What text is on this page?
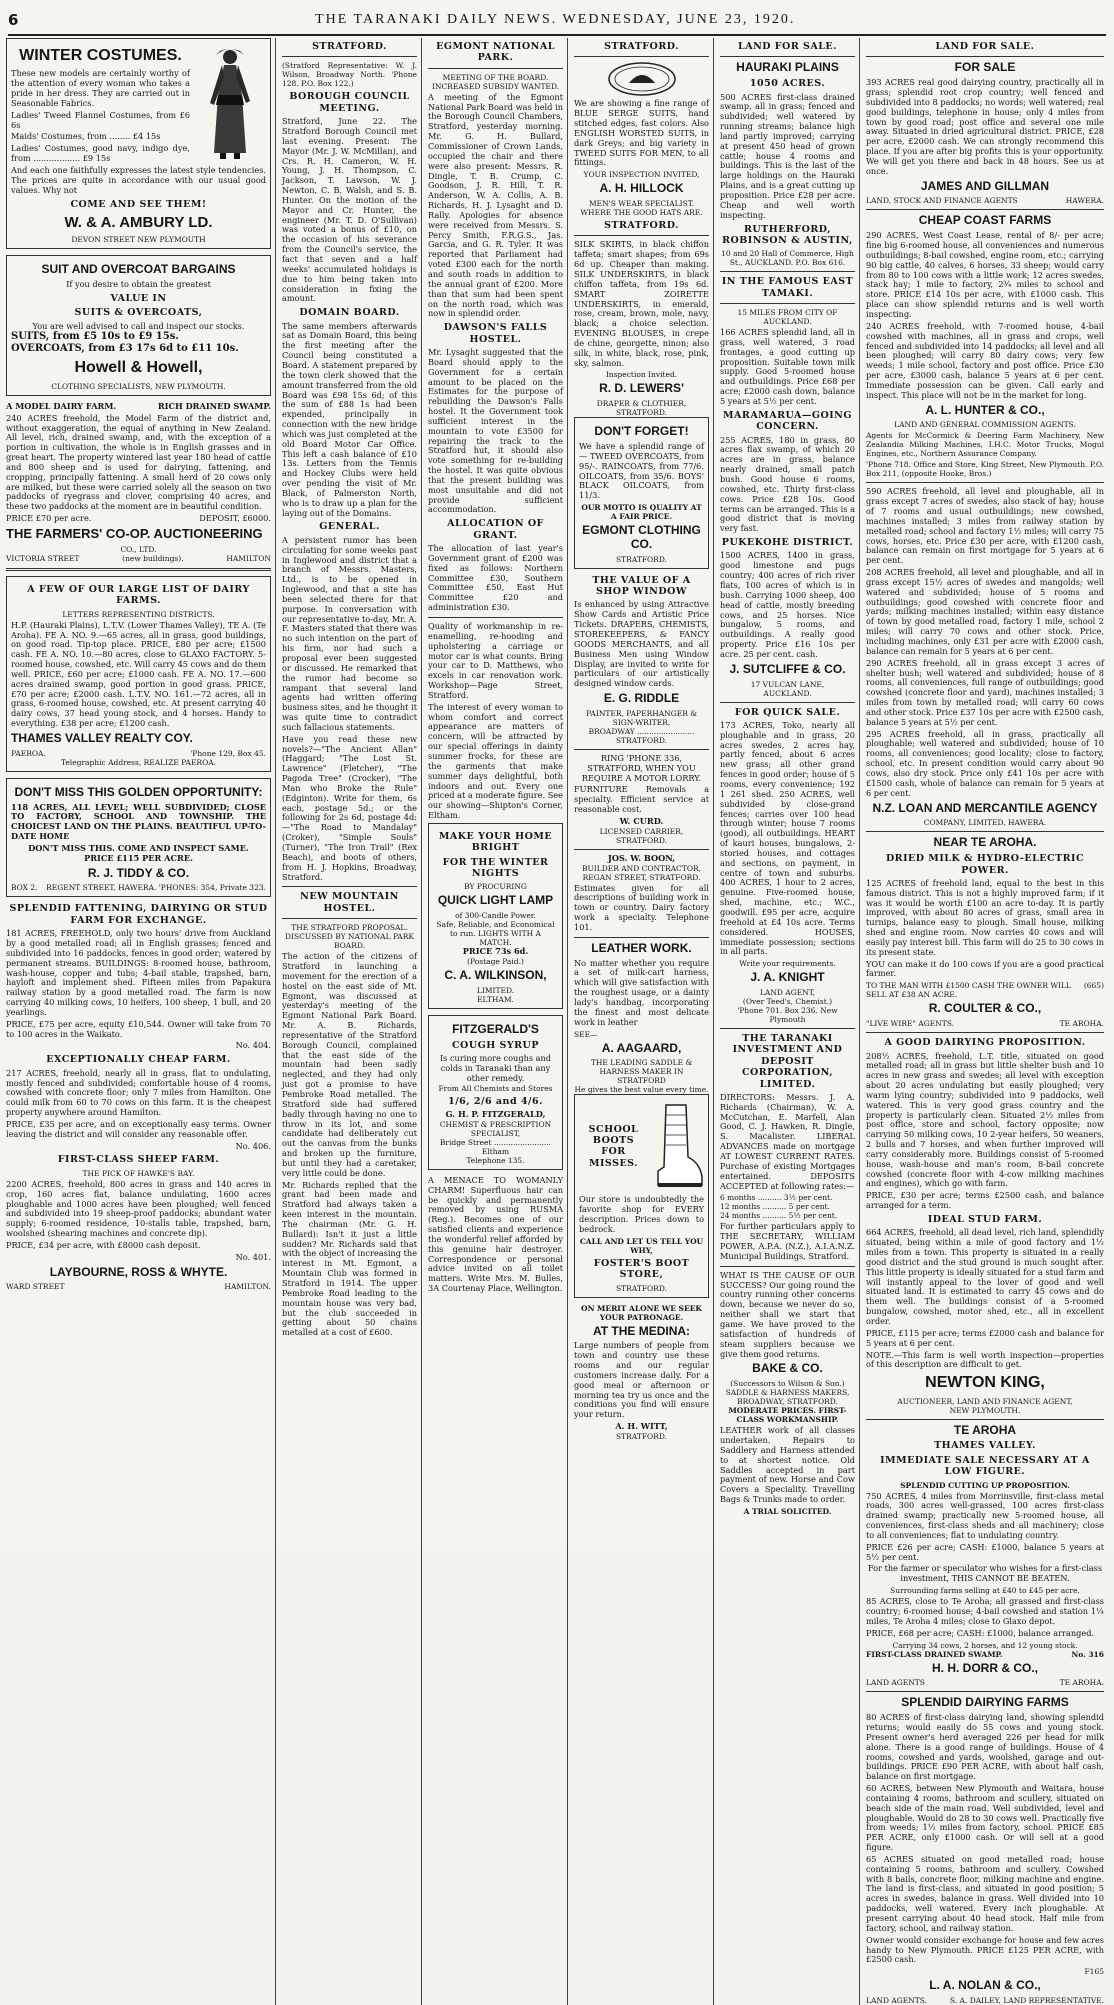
6	THE TARANAKI DAILY NEWS. WEDNESDAY, JUNE 23, 1920.
WINTER COSTUMES.

These new models are certainly worthy of the attention of every woman who takes a pride in her dress. They are carried out in Seasonable Fabrics.

Ladies' Tweed Flannel Costumes, from £6 6s

Maids' Costumes, from ........ £4 15s

Ladies' Costumes, good navy, indigo dye, from .................. £9 15s

And each one faithfully expresses the latest style tendencies. The prices are quite in accordance with our usual good values. Why not

COME AND SEE THEM!
W. & A. AMBURY LD.
DEVON STREET NEW PLYMOUTH
SUIT AND OVERCOAT BARGAINS
If you desire to obtain the greatest
VALUE IN
SUITS & OVERCOATS,
You are well advised to call and inspect our stocks.
SUITS, from £5 10s to £9 15s.
OVERCOATS, from £3 17s 6d to £11 10s.
Howell & Howell,
CLOTHING SPECIALISTS, NEW PLYMOUTH.
A MODEL DAIRY FARM.	RICH DRAINED SWAMP.

240 ACRES freehold, the Model Farm of the district and, without exaggeration, the equal of anything in New Zealand. All level, rich, drained swamp, and, with the exception of a portion in cultivation, the whole is in English grasses and in great heart. The property wintered last year 180 head of cattle and 800 sheep and is used for dairying, fattening, and cropping, principally fattening. A small herd of 20 cows only are milked, but these were carried solely all the season on two paddocks of ryegrass and clover, comprising 40 acres, and these two paddocks at the moment are in beautiful condition.

PRICE £70 per acre.	DEPOSIT, £6000.
THE FARMERS' CO-OP. AUCTIONEERING
CO., LTD.
VICTORIA STREET	(new buildings).	HAMILTON
A FEW OF OUR LARGE LIST OF DAIRY FARMS.
LETTERS REPRESENTING DISTRICTS.

H.P. (Hauraki Plains), L.T.V. (Lower Thames Valley), TE A. (Te Aroha). FE A. NO. 9.—65 acres, all in grass, good buildings, on good road. Tip-top place. PRICE, £80 per acre; £1500 cash. FE A. NO. 10.—80 acres, close to GLAXO FACTORY. 5-roomed house, cowshed, etc. Will carry 45 cows and do them well. PRICE, £60 per acre; £1000 cash. FE A. NO. 17.—600 acres drained swamp, good portion in good grass. PRICE, £70 per acre; £2000 cash. L.T.V. NO. 161.—72 acres, all in grass, 6-roomed house, cowshed, etc. At present carrying 40 dairy cows, 37 head young stock, and 4 horses. Handy to everything. £38 per acre; £1200 cash.

THAMES VALLEY REALTY COY.
PAEROA.	'Phone 129, Box 45.
Telegraphic Address, REALIZE PAEROA.
DON'T MISS THIS GOLDEN OPPORTUNITY:

118 ACRES, ALL LEVEL; WELL SUBDIVIDED; CLOSE TO FACTORY, SCHOOL AND TOWNSHIP. THE CHOICEST LAND ON THE PLAINS. BEAUTIFUL UP-TO-DATE HOME

DON'T MISS THIS. COME AND INSPECT SAME.
PRICE £115 PER ACRE.
R. J. TIDDY & CO.
BOX 2. REGENT STREET, HAWERA. 'PHONES: 354, Private 323.
SPLENDID FATTENING, DAIRYING OR STUD FARM FOR EXCHANGE.

181 ACRES, FREEHOLD, only two hours' drive from Auckland by a good metalled road; all in English grasses; fenced and subdivided into 16 paddocks, fences in good order; watered by permanent streams. BUILDINGS: 8-roomed house, bathroom, wash-house, copper and tubs; 4-bail stable, trapshed, barn, hayloft and implement shed. Fifteen miles from Papakura railway station by a good metalled road. The farm is now carrying 40 milking cows, 10 heifers, 100 sheep, 1 bull, and 20 yearlings.

PRICE, £75 per acre, equity £10,544. Owner will take from 70 to 100 acres in the Waikato.

No. 404.
EXCEPTIONALLY CHEAP FARM.

217 ACRES, freehold, nearly all in grass, flat to undulating, mostly fenced and subdivided; comfortable house of 4 rooms, cowshed with concrete floor; only 7 miles from Hamilton. One could milk from 60 to 70 cows on this farm. It is the cheapest property anywhere around Hamilton.

PRICE, £35 per acre, and on exceptionally easy terms. Owner leaving the district and will consider any reasonable offer.

No. 406.
FIRST-CLASS SHEEP FARM.
THE PICK OF HAWKE'S BAY.

2200 ACRES, freehold, 800 acres in grass and 140 acres in crop, 160 acres flat, balance undulating, 1600 acres ploughable and 1000 acres have been ploughed; well fenced and subdivided into 19 sheep-proof paddocks; abundant water supply; 6-roomed residence, 10-stalls table, trapshed, barn, woolshed (shearing machines and concrete dip).

PRICE, £34 per acre, with £8000 cash deposit.

No. 401.
LAYBOURNE, ROSS & WHYTE.
WARD STREET	HAMILTON.
STRATFORD.

(Stratford Representative: W. J. Wilson, Broadway North. 'Phone 128. P.O. Box 122.)

BOROUGH COUNCIL MEETING.

Stratford, June 22. The Stratford Borough Council met last evening. Present: The Mayor (Mr. J. W. McMillan), and Crs. R. H. Cameron, W. H. Young, J. H. Thompson, C. Jackson, T. Lawson, W. J. Newton, C. B. Walsh, and S. B. Hunter. On the motion of the Mayor and Cr. Hunter, the engineer (Mr. T. D. O'Sullivan) was voted a bonus of £10, on the occasion of his severance from the Council's service, the fact that seven and a half weeks' accumulated holidays is due to him being taken into consideration in fixing the amount.

DOMAIN BOARD.

The same members afterwards sat as Domain Board, this being the first meeting after the Council being constituted a Board. A statement prepared by the town clerk showed that the amount transferred from the old Board was £98 15s 6d; of this the sum of £88 1s had been expended, principally in connection with the new bridge which was just completed at the old Board Motor Car Office. This left a cash balance of £10 13s. Letters from the Tennis and Hockey Clubs were held over pending the visit of Mr. Black, of Palmerston North, who is to draw up a plan for the laying out of the Domains.

GENERAL.

A persistent rumor has been circulating for some weeks past in Inglewood and district that a branch of Messrs. Masters, Ltd., is to be opened in Inglewood, and that a site has been selected there for that purpose. In conversation with our representative to-day, Mr. A. F. Masters stated that there was no such intention on the part of his firm, nor had such a proposal ever been suggested or discussed. He remarked that the rumor had become so rampant that several land agents had written offering business sites, and he thought it was quite time to contradict such fallacious statements.

Have you read these new novels?—"The Ancient Allan" (Haggard; "The Lost St. Lawrence" (Fletcher), "The Pagoda Tree" (Crocker), "The Man who Broke the Rule" (Edginton). Write for them, 6s each, postage 5d.; or the following for 2s 6d, postage 4d:—"The Road to Mandalay" (Croker), "Simple Souls" (Turner), "The Iron Trail" (Rex Beach), and boots of others, from H. J. Hopkins, Broadway, Stratford.

NEW MOUNTAIN HOSTEL.
THE STRATFORD PROPOSAL.
DISCUSSED BY NATIONAL PARK BOARD.

The action of the citizens of Stratford in launching a movement for the erection of a hostel on the east side of Mt. Egmont, was discussed at yesterday's meeting of the Egmont National Park Board. Mr. A. B. Richards, representative of the Stratford Borough Council, complained that the east side of the mountain had been sadly neglected, and they had only just got a promise to have Pembroke Road metalled. The Stratford side had suffered badly through having no one to throw in its lot, and some candidate had deliberately cut out the canvas from the bunks and broken up the furniture, but until they had a caretaker, very little could be done.

Mr. Richards replied that the grant had been made and Stratford had always taken a keen interest in the mountain. The chairman (Mr. G. H. Bullard): Isn't it just a little sudden? Mr. Richards said that with the object of increasing the interest in Mt. Egmont, a Mountain Club was formed in Stratford in 1914. The upper Pembroke Road leading to the mountain house was very bad, but the club succeeded in getting about 50 chains metalled at a cost of £600.

EGMONT NATIONAL PARK.
MEETING OF THE BOARD.
INCREASED SUBSIDY WANTED.

A meeting of the Egmont National Park Board was held in the Borough Council Chambers, Stratford, yesterday morning. Mr. G. H. Bullard, Commissioner of Crown Lands, occupied the chair and there were also present: Messrs. R. Dingle, T. B. Crump, C. Goodson, J. R. Hill, T. R. Anderson, W. A. Collis, A. B. Richards, H. J. Lysaght and D. Rally. Apologies for absence were received from Messrs. S. Percy Smith, F.R.G.S., Jas. Garcia, and G. R. Tyler. It was reported that Parliament had voted £300 each for the north and south roads in addition to the annual grant of £200. More than that sum had been spent on the north road, which was now in splendid order.

DAWSON'S FALLS HOSTEL.

Mr. Lysaght suggested that the Board should apply to the Government for a certain amount to be placed on the Estimates for the purpose of rebuilding the Dawson's Falls hostel. It the Government took sufficient interest in the mountain to vote £3500 for repairing the track to the Stratford hut, it should also vote something for re-building the hostel. It was quite obvious that the present building was most unsuitable and did not provide sufficient accommodation.

ALLOCATION OF GRANT.

The allocation of last year's Government grant of £200 was fixed as follows: Northern Committee £30, Southern Committee £50, East Hut Committee £20 and administration £30.

Quality of workmanship in re-enamelling, re-hooding and upholstering a carriage or motor car is what counts. Bring your car to D. Matthews, who excels in car renovation work. Workshop—Page Street, Stratford.

The interest of every woman to whom comfort and correct appearance are matters of concern, will be attracted by our special offerings in dainty summer frocks, for these are the garments that make summer days delightful, both indoors and out. Every one priced at a moderate figure. See our showing—Shipton's Corner, Eltham.

MAKE YOUR HOME BRIGHT
FOR THE WINTER NIGHTS
BY PROCURING
QUICK LIGHT LAMP
of 300-Candle Power.
Safe, Reliable, and Economical to run. LIGHTS WITH A MATCH.
PRICE 73s 6d.
(Postage Paid.)
C. A. WILKINSON,
LIMITED.
ELTHAM.
FITZGERALD'S
COUGH SYRUP
Is curing more coughs and colds in Taranaki than any other remedy.
From All Chemists and Stores
1/6, 2/6 and 4/6.
G. H. P. FITZGERALD,
CHEMIST & PRESCRIPTION SPECIALIST,
Bridge Street ........................ Eltham
Telephone 135.

A MENACE TO WOMANLY CHARM! Superfluous hair can be quickly and permanently removed by using RUSMA (Reg.). Becomes one of our satisfied clients and experience the wonderful relief afforded by this genuine hair destroyer. Correspondence or personal advice invited on all toilet matters. Write Mrs. M. Bulles, 3A Courtenay Place, Wellington.

STRATFORD.

We are showing a fine range of BLUE SERGE SUITS, hand stitched edges, fast colors. Also ENGLISH WORSTED SUITS, in dark Greys; and big variety in TWEED SUITS FOR MEN, to all fittings.

YOUR INSPECTION INVITED,
A. H. HILLOCK
MEN'S WEAR SPECIALIST.
WHERE THE GOOD HATS ARE.
STRATFORD.

SILK SKIRTS, in black chiffon taffeta; smart shapes; from 69s 6d up. Cheaper than making. SILK UNDERSKIRTS, in black chiffon taffeta, from 19s 6d. SMART ZOIRETTE UNDERSKIRTS, in emerald, rose, cream, brown, mole, navy, black; a choice selection. EVENING BLOUSES, in crepe de chine, georgette, ninon; also silk, in white, black, rose, pink, sky, salmon.

Inspection Invited.
R. D. LEWERS'
DRAPER & CLOTHIER,
STRATFORD.
DON'T FORGET!

We have a splendid range of— TWEED OVERCOATS, from 95/-. RAINCOATS, from 77/6. OILCOATS, from 35/6. BOYS' BLACK OILCOATS, from 11/3.

OUR MOTTO IS QUALITY AT A FAIR PRICE.
EGMONT CLOTHING CO.
STRATFORD.
THE VALUE OF A SHOP WINDOW

Is enhanced by using Attractive Show Cards and Artistic Price Tickets. DRAPERS, CHEMISTS, STOREKEEPERS, & FANCY GOODS MERCHANTS, and all Business Men using Window Display, are invited to write for particulars of our artistically designed window cards.

E. G. RIDDLE
PAINTER, PAPERHANGER & SIGN-WRITER,
BROADWAY ........................ STRATFORD.

RING 'PHONE 336, STRATFORD, WHEN YOU REQUIRE A MOTOR LORRY.

FURNITURE Removals a specialty. Efficient service at reasonable cost.

W. CURD.
LICENSED CARRIER, STRATFORD.
JOS. W. BOON,
BUILDER AND CONTRACTOR,
REGAN STREET, STRATFORD.

Estimates given for all descriptions of building work in town or country. Dairy factory work a specialty. Telephone 101.

LEATHER WORK.

No matter whether you require a set of milk-cart harness, which will give satisfaction with the roughest usage, or a dainty lady's handbag, incorporating the finest and most delicate work in leather

SEE—
A. AAGAARD,
THE LEADING SADDLE & HARNESS MAKER IN STRATFORD
He gives the best value every time.
SCHOOL BOOTS FOR MISSES.

Our store is undoubtedly the favorite shop for EVERY description. Prices down to bedrock.

CALL AND LET US TELL YOU WHY,
FOSTER'S BOOT STORE,
STRATFORD.
ON MERIT ALONE WE SEEK YOUR PATRONAGE.
AT THE MEDINA:

Large numbers of people from town and country use these rooms and our regular customers increase daily. For a good meal or afternoon or morning tea try us once and the conditions you find will ensure your return.

A. H. WITT,
STRATFORD.
LAND FOR SALE.
HAURAKI PLAINS
1050 ACRES.

500 ACRES first-class drained swamp, all in grass; fenced and subdivided; well watered by running streams; balance high land partly improved; carrying at present 450 head of grown cattle; house 4 rooms and buildings. This is the last of the large holdings on the Hauraki Plains, and is a great cutting up proposition. Price £28 per acre. Cheap and well worth inspecting.

RUTHERFORD, ROBINSON & AUSTIN,
10 and 20 Hall of Commerce, High St., AUCKLAND. P.O. Box 616.
IN THE FAMOUS EAST TAMAKI.
15 MILES FROM CITY OF AUCKLAND.

166 ACRES splendid land, all in grass, well watered, 3 road frontages, a good cutting up proposition. Suitable town milk supply. Good 5-roomed house and outbuildings. Price £68 per acre; £2000 cash down, balance 5 years at 5½ per cent.

MARAMARUA—GOING CONCERN.

255 ACRES, 180 in grass, 80 acres flax swamp, of which 20 acres are in grass, balance nearly drained, small patch bush. Good house 6 rooms, cowshed, etc. Thirty first-class cows. Price £28 10s. Good terms can be arranged. This is a good district that is moving very fast.

PUKEKOHE DISTRICT.

1500 ACRES, 1400 in grass, good limestone and pugs country; 400 acres of rich river flats, 100 acres of which is in bush. Carrying 1000 sheep, 400 head of cattle, mostly breeding cows, and 25 horses. Nice bungalow, 5 rooms, and outbuildings. A really good property. Price £16 10s per acre. 25 per cent. cash.

J. SUTCLIFFE & CO.
17 VULCAN LANE,
AUCKLAND.
FOR QUICK SALE.

173 ACRES, Toko, nearly all ploughable and in grass, 20 acres swedes, 2 acres hay, partly fenced, about 6 acres new grass; all other grand fences in good order; house of 5 rooms, every convenience; 192 1 261 shed. 250 ACRES, well subdivided by close-grand fences; carries over 100 head through winter; house 7 rooms (good), all outbuildings. HEART of kauri houses, bungalows, 2-storied houses, and cottages and sections, on payment, in centre of town and suburbs. 400 ACRES, 1 hour to 2 acres, genuine. Five-roomed house, shed, machine, etc.; W.C., goodwill. £95 per acre, acquire freehold at £4 10s acre. Terms considered. HOUSES, immediate possession; sections in all parts.

Write your requirements.
J. A. KNIGHT
LAND AGENT,
(Over Teed's, Chemist.)
'Phone 701. Box 236. New Plymouth
THE TARANAKI INVESTMENT AND DEPOSIT CORPORATION, LIMITED.

DIRECTORS: Messrs. J. A. Richards (Chairman), W. A. McCutchan, E. Marfell, Alan Good, C. J. Hawken, R. Dingle, S. Macalister. LIBERAL ADVANCES made on mortgage AT LOWEST CURRENT RATES. Purchase of existing Mortgages entertained. DEPOSITS ACCEPTED at following rates:—

6 months .......... 3½ per cent.
12 months .......... 5 per cent.
24 months .......... 5½ per cent.

For further particulars apply to THE SECRETARY, WILLIAM POWER, A.P.A. (N.Z.), A.I.A.N.Z. Municipal Buildings, Stratford.

WHAT IS THE CAUSE OF OUR SUCCESS? Our going round the country running other concerns down, because we never do so, neither shall we start that game. We have proved to the satisfaction of hundreds of steam suppliers because we give them good returns.

BAKE & CO.
(Successors to Wilson & Son.)
SADDLE & HARNESS MAKERS, BROADWAY, STRATFORD.
MODERATE PRICES. FIRST-CLASS WORKMANSHIP.

LEATHER work of all classes undertaken. Repairs to Saddlery and Harness attended to at shortest notice. Old Saddles accepted in part payment of new. Horse and Cow Covers a Speciality. Travelling Bags & Trunks made to order.

A TRIAL SOLICITED.
LAND FOR SALE.
FOR SALE

393 ACRES real good dairying country, practically all in grass; splendid root crop country; well fenced and subdivided into 8 paddocks; no words; well watered; real good buildings, telephone in house; only 4 miles from town by good road; post office and several one mile away. Situated in dried agricultural district. PRICE, £28 per acre, £2000 cash. We can strongly recommend this place. If you are after big profits this is your opportunity. We will get you there and back in 48 hours. See us at once.

JAMES AND GILLMAN
LAND, STOCK AND FINANCE AGENTS	HAWERA.
CHEAP COAST FARMS

290 ACRES, West Coast Lease, rental of 8/- per acre; fine big 6-roomed house, all conveniences and numerous outbuildings; 8-bail cowshed, engine room, etc.; carrying 90 big cattle, 40 calves, 6 horses, 33 sheep; would carry from 80 to 100 cows with a little work; 12 acres swedes, stack hay; 1 mile to factory, 2¾ miles to school and store. PRICE £14 10s per acre, with £1000 cash. This place can show splendid returns and is well worth inspecting.

240 ACRES freehold, with 7-roomed house, 4-bail cowshed with machines, all in grass and crops, well fenced and subdivided into 14 paddocks; all level and all been ploughed; will carry 80 dairy cows; very few weeds; 1 mile school, factory and post office. Price £30 per acre, £3000 cash, balance 5 years at 6 per cent. Immediate possession can be given. Call early and inspect. This place will not be in the market for long.

A. L. HUNTER & CO.,
LAND AND GENERAL COMMISSION AGENTS.

Agents for McCormick & Deering Farm Machinery, New Zealandia Milking Machines, I.H.C. Motor Trucks, Mogul Engines, etc., Northern Assurance Company.

'Phone 718. Office and Store, King Street, New Plymouth. P.O. Box 211, (opposite Hooke, Bros.)

590 ACRES freehold, all level and ploughable, all in grass except 7 acres of swedes, also stack of hay; house of 7 rooms and usual outbuildings; new cowshed, machines installed; 3 miles from railway station by metalled road; school and factory 1½ miles; will carry 75 cows, horses, etc. Price £30 per acre, with £1200 cash, balance can remain on first mortgage for 5 years at 6 per cent.

208 ACRES freehold, all level and ploughable, and all in grass except 15½ acres of swedes and mangolds; well watered and subdivided; house of 5 rooms and outbuildings; good cowshed with concrete floor and yards; milking machines installed; within easy distance of town by good metalled road, factory 1 mile, school 2 miles; will carry 70 cows and other stock. Price, including machines, only £31 per acre with £2000 cash, balance can remain for 5 years at 6 per cent.

290 ACRES freehold, all in grass except 3 acres of shelter bush; well watered and subdivided; house of 8 rooms, all conveniences, full range of outbuildings; good cowshed (concrete floor and yard), machines installed; 3 miles from town by metalled road; will carry 60 cows and other stock. Price £37 10s per acre with £2500 cash, balance 5 years at 5½ per cent.

295 ACRES freehold, all in grass, practically all ploughable; well watered and subdivided; house of 10 rooms, all conveniences; good locality; close to factory, school, etc. In present condition would carry about 90 cows, also dry stock. Price only £41 10s per acre with £1500 cash, whole of balance can remain for 5 years at 6 per cent.

N.Z. LOAN AND MERCANTILE AGENCY
COMPANY, LIMITED, HAWERA.
NEAR TE AROHA.
DRIED MILK & HYDRO-ELECTRIC POWER.

125 ACRES of freehold land, equal to the best in this famous district. This is not a highly improved farm; if it was it would be worth £100 an acre to-day. It is partly improved, with about 80 acres of grass, small area in turnips, balance easy to plough. Small house, milking shed and engine room. Now carries 40 cows and will easily pay interest bill. This farm will do 25 to 30 cows in its present state.

YOU can make it do 100 cows if you are a good practical farmer.

TO THE MAN WITH £1500 CASH THE OWNER WILL SELL AT £38 AN ACRE.
(665)
R. COULTER & CO.,
"LIVE WIRE" AGENTS.	TE AROHA.
A GOOD DAIRYING PROPOSITION.

208½ ACRES, freehold, L.T. title, situated on good metalled road; all in grass but little shelter bush and 10 acres in new grass and swedes; all level with exception about 20 acres undulating but easily ploughed; very warm lying country; subdivided into 9 paddocks, well watered. This is very good grass country and the property is particularly clean. Situated 2½ miles from post office, store and school, factory opposite; now carrying 50 milking cows, 10 2-year heifers, 50 weaners, 2 bulls and 7 horses, and when further improved will carry considerably more. Buildings consist of 5-roomed house, wash-house and man's room, 8-bail concrete cowshed (concrete floor with 4-cow milking machines and engines), which go with farm.

PRICE, £30 per acre; terms £2500 cash, and balance arranged for a term.

IDEAL STUD FARM.

664 ACRES, freehold, all dead level, rich land, splendidly situated, being within a mile of good factory and 1½ miles from a town. This property is situated in a really good district and the stud ground is much sought after. This little property is ideally situated for a stud farm and will instantly appeal to the lover of good and well situated land. It is estimated to carry 45 cows and do them well. The buildings consist of a 5-roomed bungalow, cowshed, motor shed, etc., all in excellent order.

PRICE, £115 per acre; terms £2000 cash and balance for 5 years at 6 per cent.

NOTE.—This farm is well worth inspection—properties of this description are difficult to get.

NEWTON KING,
AUCTIONEER, LAND AND FINANCE AGENT,
NEW PLYMOUTH.
TE AROHA
THAMES VALLEY.
IMMEDIATE SALE NECESSARY AT A LOW FIGURE.
SPLENDID CUTTING UP PROPOSITION.

750 ACRES, 4 miles from Morrinsville, first-class metal roads, 300 acres well-grassed, 100 acres first-class drained swamp; practically new 5-roomed house, all conveniences, first-class sheds and all machinery; close to all conveniences; flat to undulating country.

PRICE £26 per acre; CASH: £1000, balance 5 years at 5½ per cent.

For the farmer or speculator who wishes for a first-class investment, THIS CANNOT BE BEATEN.

Surrounding farms selling at £40 to £45 per acre.

85 ACRES, close to Te Aroha; all grassed and first-class country; 6-roomed house; 4-bail cowshed and station 1¼ miles, Te Aroha 4 miles; close to Glaxo depot.

PRICE, £68 per acre; CASH: £1000, balance arranged.

Carrying 34 cows, 2 horses, and 12 young stock.
FIRST-CLASS DRAINED SWAMP.	No. 316
H. H. DORR & CO.,
LAND AGENTS	TE AROHA.
SPLENDID DAIRYING FARMS

80 ACRES of first-class dairying land, showing splendid returns; would easily do 55 cows and young stock. Present owner's herd averaged 226 per head for milk alone. There is a good range of buildings. House of 4 rooms, cowshed and yards, woolshed, garage and out-buildings. PRICE £90 PER ACRE, with about half cash, balance on first mortgage.

60 ACRES, between New Plymouth and Waitara, house containing 4 rooms, bathroom and scullery, situated on beach side of the main road. Well subdivided, level and ploughable. Would do 28 to 30 cows well. Practically five from weeds; 1½ miles from factory, school. PRICE £85 PER ACRE, only £1000 cash. Or will sell at a good figure.

65 ACRES situated on good metalled road; house containing 5 rooms, bathroom and scullery. Cowshed with 8 bails, concrete floor, milking machine and engine. The land is first-class, and situated in good position; 5 acres in swedes, balance in grass. Well divided into 10 paddocks, well watered. Every inch ploughable. At present carrying about 40 head stock. Half mile from factory, school, and railway station.

Owner would consider exchange for house and few acres handy to New Plymouth. PRICE £125 PER ACRE, with £2500 cash.

F165
L. A. NOLAN & CO.,
LAND AGENTS.	S. A. DAILEY, LAND REPRESENTATIVE.
